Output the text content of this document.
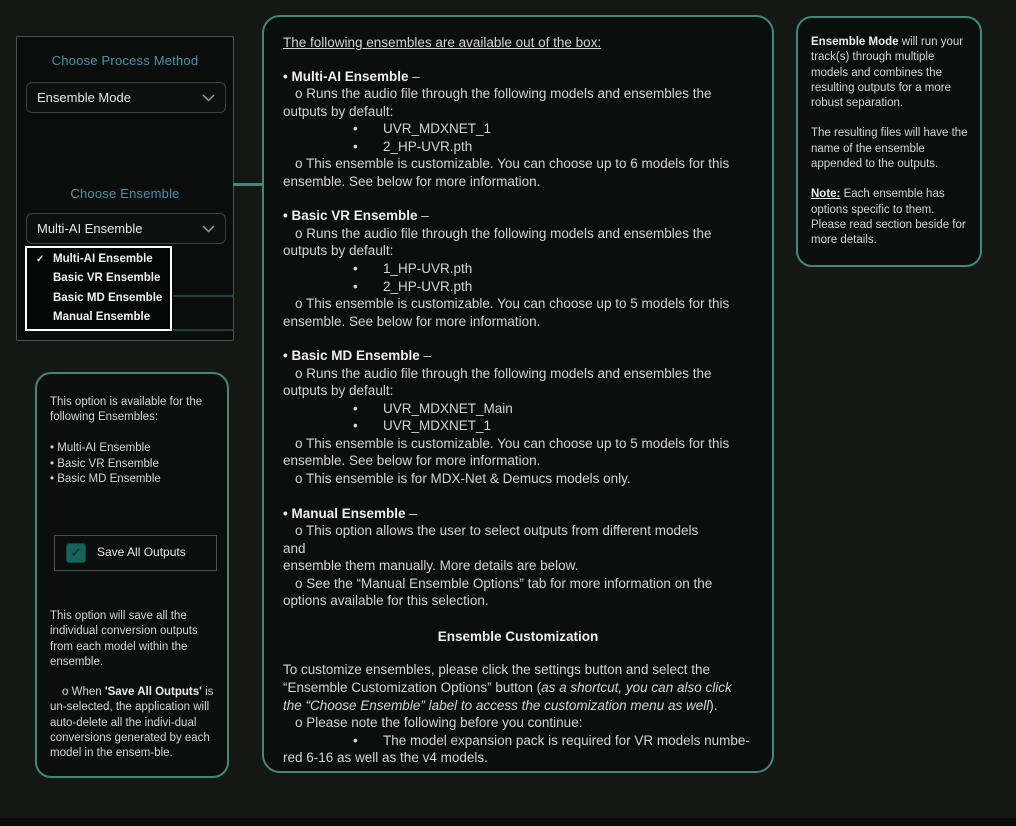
Choose Process Method
Ensemble Mode
Choose Ensemble
Multi-AI Ensemble
✓ Multi-AI Ensemble
Basic VR Ensemble
Basic MD Ensemble
Manual Ensemble

The following ensembles are available out of the box:

• Multi-AI Ensemble –

o Runs the audio file through the following models and ensembles the outputs by default:

•	UVR_MDXNET_1
•	2_HP-UVR.pth

o This ensemble is customizable. You can choose up to 6 models for this ensemble. See below for more information.

• Basic VR Ensemble –

o Runs the audio file through the following models and ensembles the outputs by default:

•	1_HP-UVR.pth
•	2_HP-UVR.pth

o This ensemble is customizable. You can choose up to 5 models for this ensemble. See below for more information.

• Basic MD Ensemble –

o Runs the audio file through the following models and ensembles the outputs by default:

•	UVR_MDXNET_Main
•	UVR_MDXNET_1

o This ensemble is customizable. You can choose up to 5 models for this ensemble. See below for more information.

o This ensemble is for MDX-Net & Demucs models only.

• Manual Ensemble –

o This option allows the user to select outputs from different models

and

ensemble them manually. More details are below.

o See the “Manual Ensemble Options” tab for more information on the options available for this selection.

Ensemble Customization

To customize ensembles, please click the settings button and select the “Ensemble Customization Options” button (as a shortcut, you can also click the “Choose Ensemble” label to access the customization menu as well).

o Please note the following before you continue:

•	The model expansion pack is required for VR models numbe-

red 6-16 as well as the v4 models.

Ensemble Mode will run your track(s) through multiple models and combines the resulting outputs for a more robust separation.

The resulting files will have the name of the ensemble appended to the outputs.

Note: Each ensemble has options specific to them. Please read section beside for more details.

This option is available for the following Ensembles:

• Multi-AI Ensemble
• Basic VR Ensemble
• Basic MD Ensemble
✓ Save All Outputs

This option will save all the individual conversion outputs from each model within the ensemble.

o When 'Save All Outputs' is un-selected, the application will auto-delete all the indivi-dual conversions generated by each model in the ensem-ble.
